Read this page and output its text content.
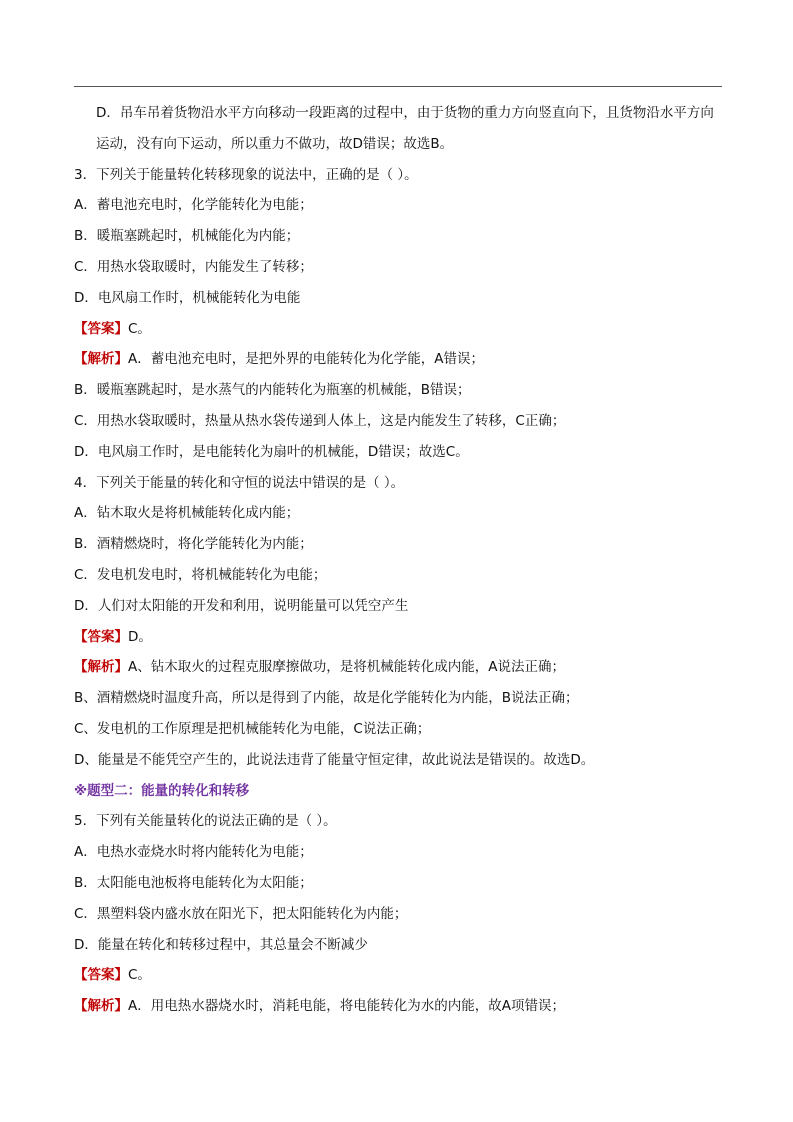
D．吊车吊着货物沿水平方向移动一段距离的过程中，由于货物的重力方向竖直向下，且货物沿水平方向运动，没有向下运动，所以重力不做功，故D错误；故选B。
3．下列关于能量转化转移现象的说法中，正确的是（ ）。
A．蓄电池充电时，化学能转化为电能；
B．暖瓶塞跳起时，机械能化为内能；
C．用热水袋取暖时，内能发生了转移；
D．电风扇工作时，机械能转化为电能
【答案】C。
【解析】A．蓄电池充电时，是把外界的电能转化为化学能，A错误；
B．暖瓶塞跳起时，是水蒸气的内能转化为瓶塞的机械能，B错误；
C．用热水袋取暖时，热量从热水袋传递到人体上，这是内能发生了转移，C正确；
D．电风扇工作时，是电能转化为扇叶的机械能，D错误；故选C。
4．下列关于能量的转化和守恒的说法中错误的是（ ）。
A．钻木取火是将机械能转化成内能；
B．酒精燃烧时，将化学能转化为内能；
C．发电机发电时，将机械能转化为电能；
D．人们对太阳能的开发和利用，说明能量可以凭空产生
【答案】D。
【解析】A、钻木取火的过程克服摩擦做功，是将机械能转化成内能，A说法正确；
B、酒精燃烧时温度升高，所以是得到了内能，故是化学能转化为内能，B说法正确；
C、发电机的工作原理是把机械能转化为电能，C说法正确；
D、能量是不能凭空产生的，此说法违背了能量守恒定律，故此说法是错误的。故选D。
※题型二：能量的转化和转移
5．下列有关能量转化的说法正确的是（ ）。
A．电热水壶烧水时将内能转化为电能；
B．太阳能电池板将电能转化为太阳能；
C．黑塑料袋内盛水放在阳光下，把太阳能转化为内能；
D．能量在转化和转移过程中，其总量会不断减少
【答案】C。
【解析】A．用电热水器烧水时，消耗电能，将电能转化为水的内能，故A项错误；
